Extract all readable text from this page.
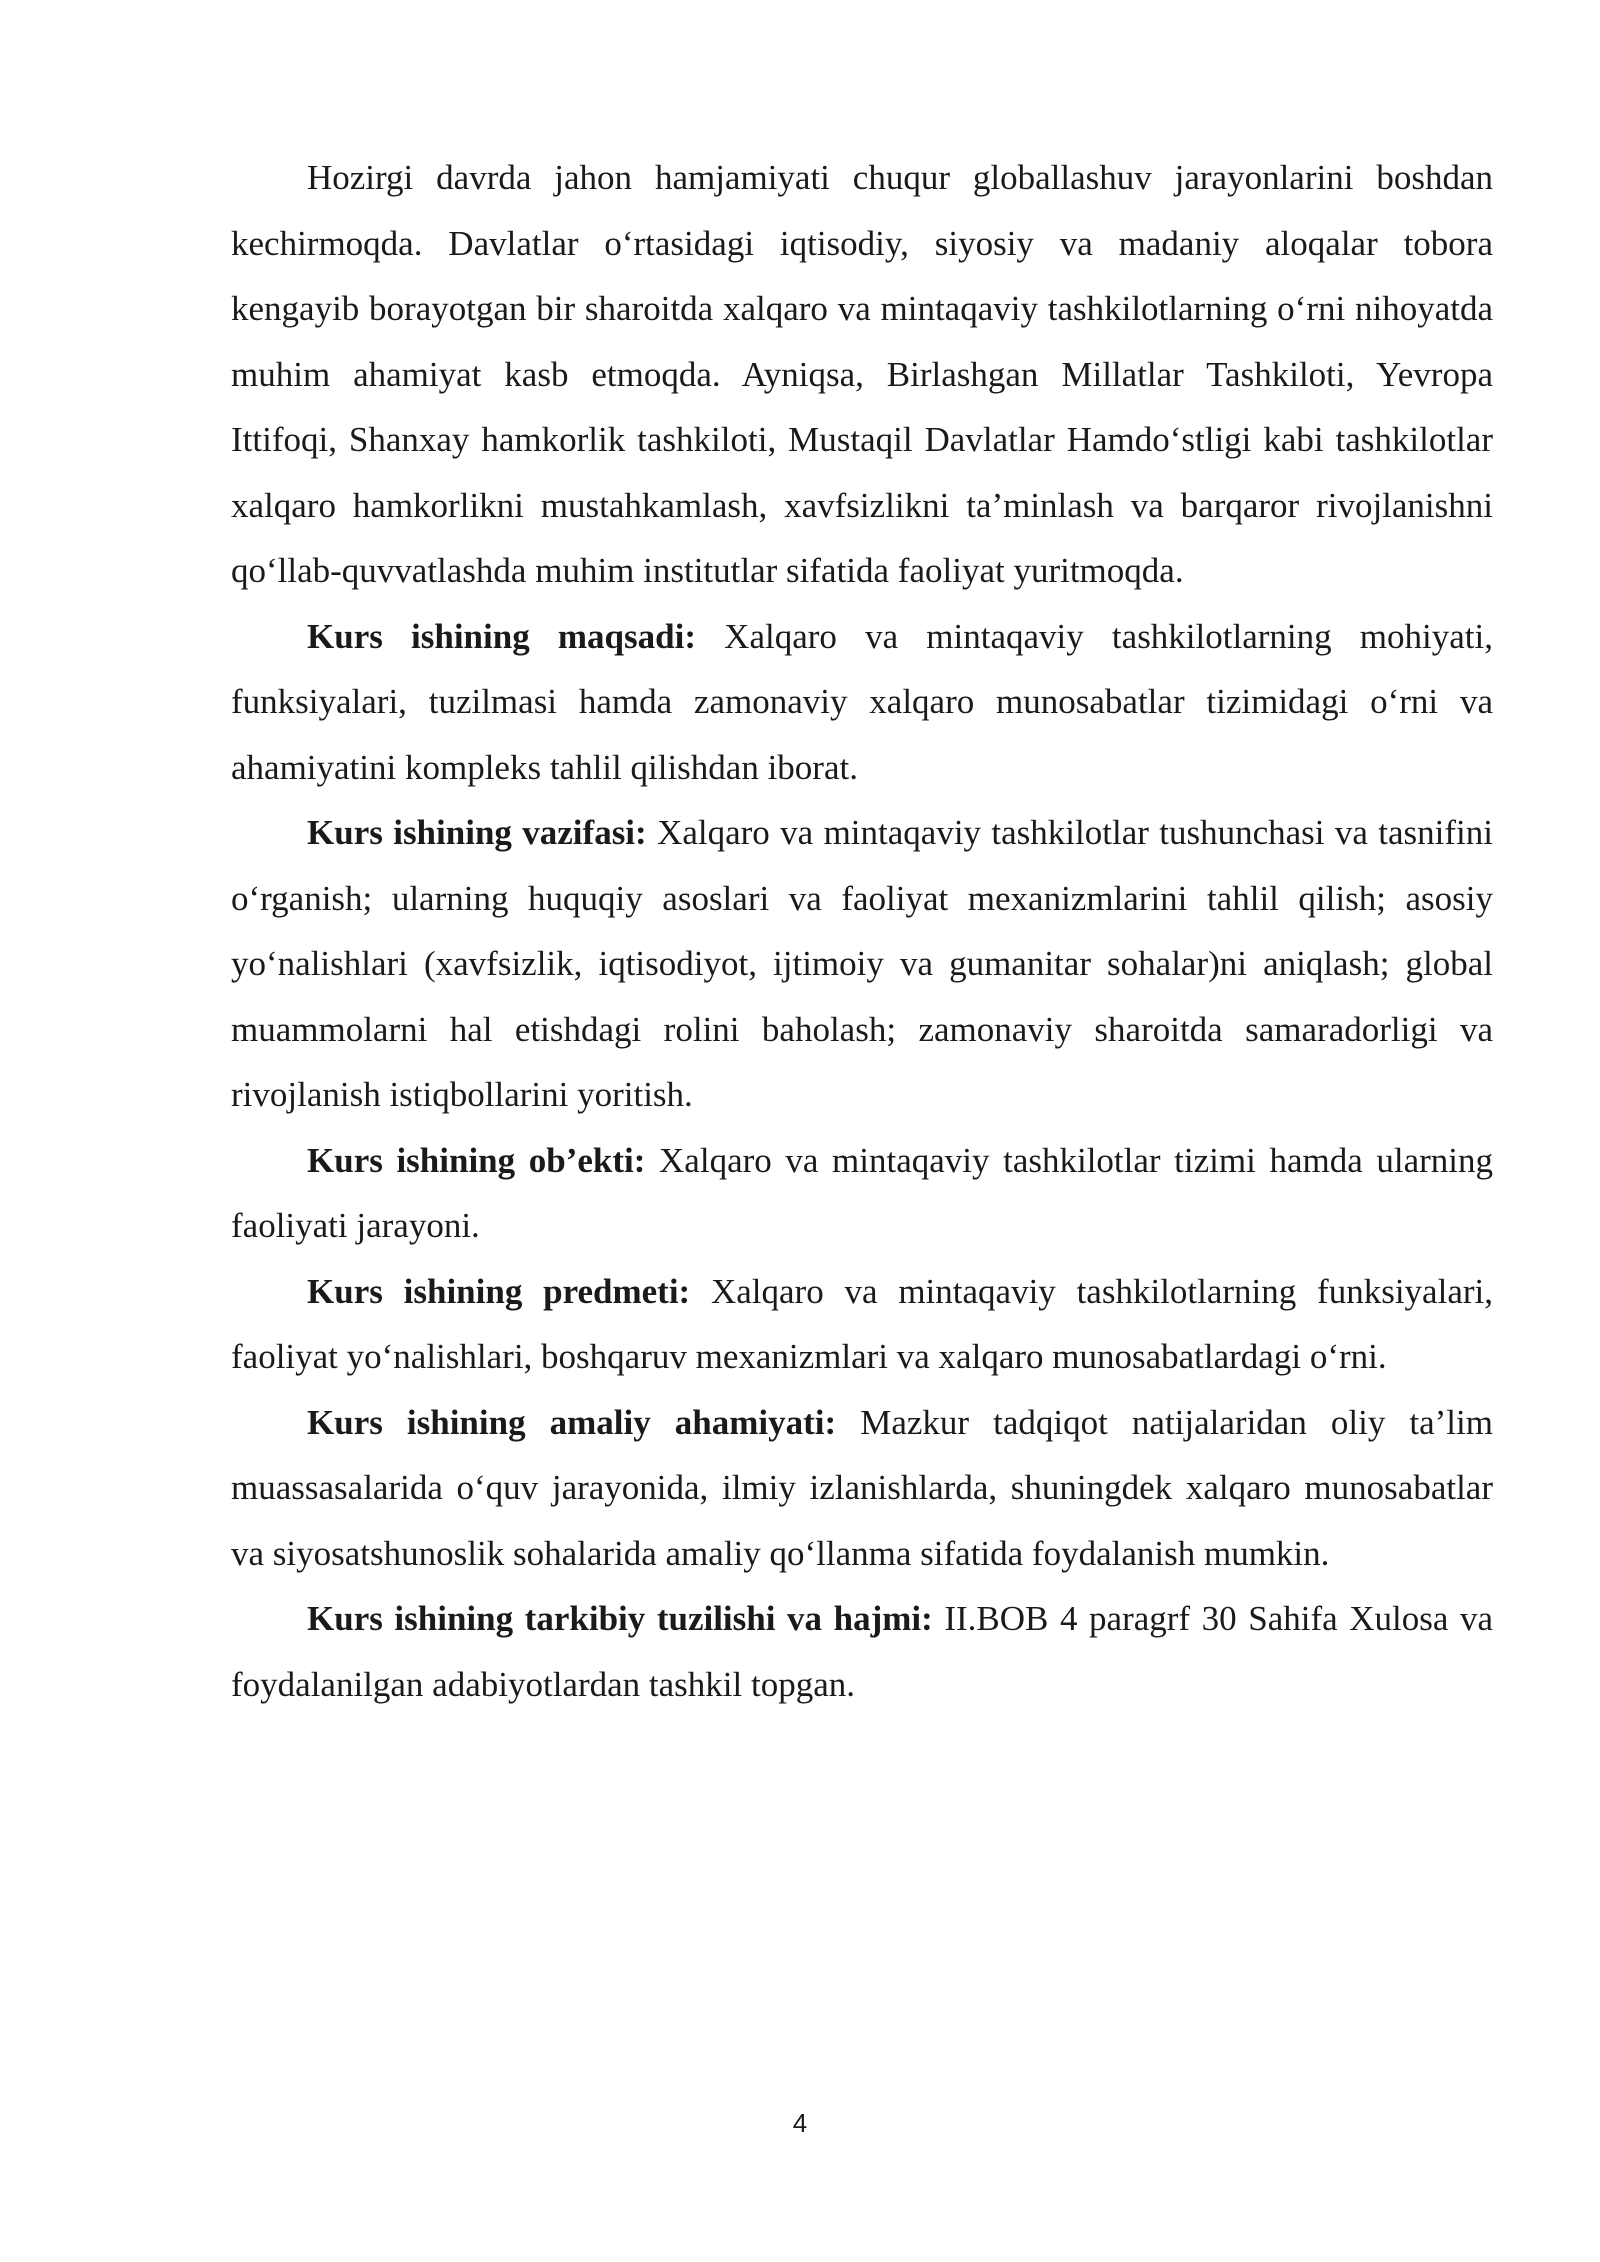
Hozirgi davrda jahon hamjamiyati chuqur globallashuv jarayonlarini boshdan kechirmoqda. Davlatlar o‘rtasidagi iqtisodiy, siyosiy va madaniy aloqalar tobora kengayib borayotgan bir sharoitda xalqaro va mintaqaviy tashkilotlarning o‘rni nihoyatda muhim ahamiyat kasb etmoqda. Ayniqsa, Birlashgan Millatlar Tashkiloti, Yevropa Ittifoqi, Shanxay hamkorlik tashkiloti, Mustaqil Davlatlar Hamdo‘stligi kabi tashkilotlar xalqaro hamkorlikni mustahkamlash, xavfsizlikni ta’minlash va barqaror rivojlanishni qo‘llab-quvvatlashda muhim institutlar sifatida faoliyat yuritmoqda.

Kurs ishining maqsadi: Xalqaro va mintaqaviy tashkilotlarning mohiyati, funksiyalari, tuzilmasi hamda zamonaviy xalqaro munosabatlar tizimidagi o‘rni va ahamiyatini kompleks tahlil qilishdan iborat.

Kurs ishining vazifasi: Xalqaro va mintaqaviy tashkilotlar tushunchasi va tasnifini o‘rganish; ularning huquqiy asoslari va faoliyat mexanizmlarini tahlil qilish; asosiy yo‘nalishlari (xavfsizlik, iqtisodiyot, ijtimoiy va gumanitar sohalar)ni aniqlash; global muammolarni hal etishdagi rolini baholash; zamonaviy sharoitda samaradorligi va rivojlanish istiqbollarini yoritish.

Kurs ishining ob’ekti: Xalqaro va mintaqaviy tashkilotlar tizimi hamda ularning faoliyati jarayoni.

Kurs ishining predmeti: Xalqaro va mintaqaviy tashkilotlarning funksiyalari, faoliyat yo‘nalishlari, boshqaruv mexanizmlari va xalqaro munosabatlardagi o‘rni.

Kurs ishining amaliy ahamiyati: Mazkur tadqiqot natijalaridan oliy ta’lim muassasalarida o‘quv jarayonida, ilmiy izlanishlarda, shuningdek xalqaro munosabatlar va siyosatshunoslik sohalarida amaliy qo‘llanma sifatida foydalanish mumkin.

Kurs ishining tarkibiy tuzilishi va hajmi: II.BOB 4 paragrf 30 Sahifa Xulosa va foydalanilgan adabiyotlardan tashkil topgan.

4
